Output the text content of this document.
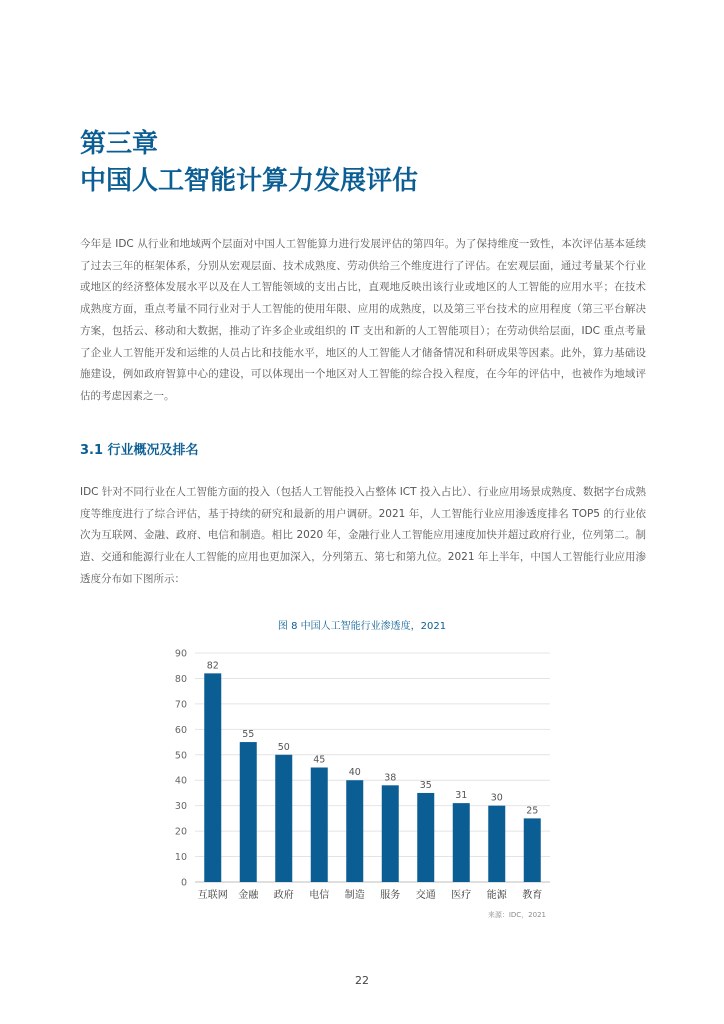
第三章
中国人工智能计算力发展评估

今年是 IDC 从行业和地域两个层面对中国人工智能算力进行发展评估的第四年。为了保持维度一致性，本次评估基本延续了过去三年的框架体系，分别从宏观层面、技术成熟度、劳动供给三个维度进行了评估。在宏观层面，通过考量某个行业或地区的经济整体发展水平以及在人工智能领域的支出占比，直观地反映出该行业或地区的人工智能的应用水平；在技术成熟度方面，重点考量不同行业对于人工智能的使用年限、应用的成熟度，以及第三平台技术的应用程度（第三平台解决方案，包括云、移动和大数据，推动了许多企业或组织的 IT 支出和新的人工智能项目）；在劳动供给层面，IDC 重点考量了企业人工智能开发和运维的人员占比和技能水平，地区的人工智能人才储备情况和科研成果等因素。此外，算力基础设施建设，例如政府智算中心的建设，可以体现出一个地区对人工智能的综合投入程度，在今年的评估中，也被作为地域评估的考虑因素之一。

3.1 行业概况及排名

IDC 针对不同行业在人工智能方面的投入（包括人工智能投入占整体 ICT 投入占比）、行业应用场景成熟度、数据字台成熟度等维度进行了综合评估，基于持续的研究和最新的用户调研。2021 年，人工智能行业应用渗透度排名 TOP5 的行业依次为互联网、金融、政府、电信和制造。相比 2020 年，金融行业人工智能应用速度加快并超过政府行业，位列第二。制造、交通和能源行业在人工智能的应用也更加深入，分列第五、第七和第九位。2021 年上半年，中国人工智能行业应用渗透度分布如下图所示：

图 8 中国人工智能行业渗透度，2021

0
10
20
30
40
50
60
70
80
90
82
互联网
55
金融
50
政府
45
电信
40
制造
38
服务
35
交通
31
医疗
30
能源
25
教育

来源：IDC，2021

22
